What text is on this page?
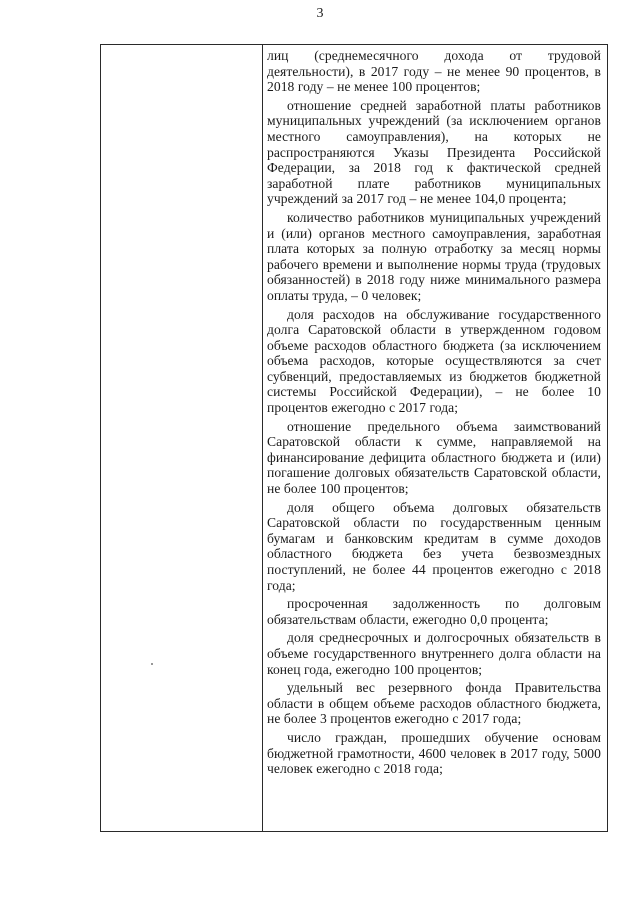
3

лиц (среднемесячного дохода от трудовой деятельности), в 2017 году – не менее 90 процентов, в 2018 году – не менее 100 процентов;

отношение средней заработной платы работников муниципальных учреждений (за исключением органов местного самоуправления), на которых не распространяются Указы Президента Российской Федерации, за 2018 год к фактической средней заработной плате работников муниципальных учреждений за 2017 год – не менее 104,0 процента;

количество работников муниципальных учреждений и (или) органов местного самоуправления, заработная плата которых за полную отработку за месяц нормы рабочего времени и выполнение нормы труда (трудовых обязанностей) в 2018 году ниже минимального размера оплаты труда, – 0 человек;

доля расходов на обслуживание государственного долга Саратовской области в утвержденном годовом объеме расходов областного бюджета (за исключением объема расходов, которые осуществляются за счет субвенций, предоставляемых из бюджетов бюджетной системы Российской Федерации), – не более 10 процентов ежегодно с 2017 года;

отношение предельного объема заимствований Саратовской области к сумме, направляемой на финансирование дефицита областного бюджета и (или) погашение долговых обязательств Саратовской области, не более 100 процентов;

доля общего объема долговых обязательств Саратовской области по государственным ценным бумагам и банковским кредитам в сумме доходов областного бюджета без учета безвозмездных поступлений, не более 44 процентов ежегодно с 2018 года;

просроченная задолженность по долговым обязательствам области, ежегодно 0,0 процента;

доля среднесрочных и долгосрочных обязательств в объеме государственного внутреннего долга области на конец года, ежегодно 100 процентов;

удельный вес резервного фонда Правительства области в общем объеме расходов областного бюджета, не более 3 процентов ежегодно с 2017 года;

число граждан, прошедших обучение основам бюджетной грамотности, 4600 человек в 2017 году, 5000 человек ежегодно с 2018 года;
